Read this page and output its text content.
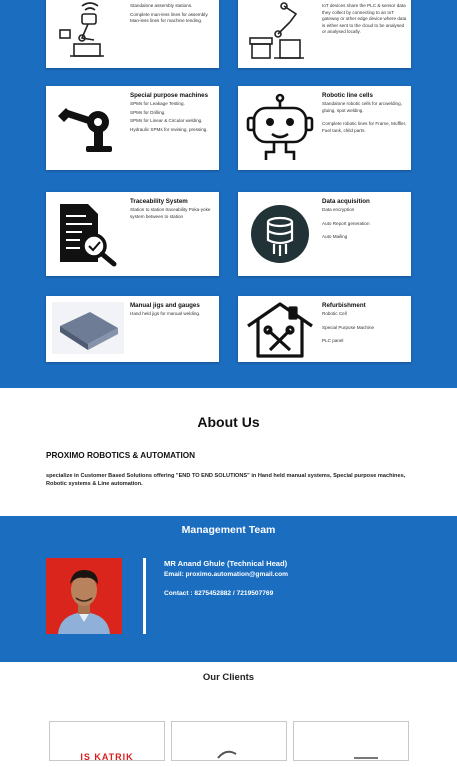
Standalone assembly stations.

Complete man-less lines for assembly. Man-less lines for machine tending.

IoT devices share the PLC & sensor data they collect by connecting to an IoT gateway or other edge device where data is either sent to the cloud to be analysed or analysed locally.

Special purpose machines

SPMs for Leakage Testing.

SPMs for Drilling.

SPMs for Linear & Circular welding.

Hydraulic SPMs for revising, pressing.

Robotic line cells

Standalone robotic cells for arcwelding, gluing, spot welding.

Complete robotic lines for Frame, Muffler, Fuel tank, child parts.

Traceability System

Station to station traceability Poka-yoke system between to station

Data acquisition

Data encryption

Auto Report generation

Auto Mailing

Manual jigs and gauges

Hand held jigs for manual welding.

Refurbishment

Robotic Cell

Special Purpose Machine

PLC panel

About Us
PROXIMO ROBOTICS & AUTOMATION
specialize in Customer Based Solutions offering "END TO END SOLUTIONS" in Hand held manual systems, Special purpose machines, Robotic systems & Line automation.
Management Team
MR Anand Ghule (Technical Head)
Email: proximo.automation@gmail.com
Contact : 8275452882 / 7219507769
Our Clients
IS KATRIK
